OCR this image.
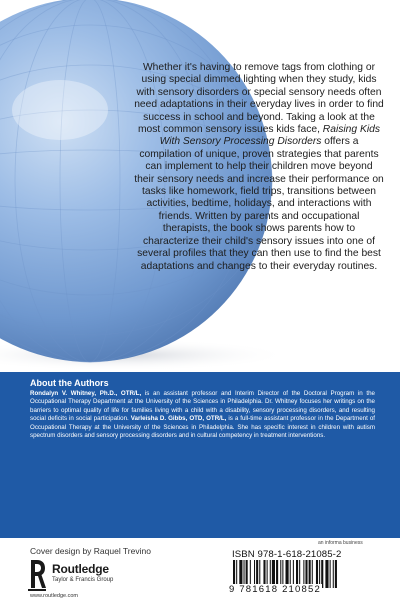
Whether it's having to remove tags from clothing or using special dimmed lighting when they study, kids with sensory disorders or special sensory needs often need adaptations in their everyday lives in order to find success in school and beyond. Taking a look at the most common sensory issues kids face, Raising Kids With Sensory Processing Disorders offers a compilation of unique, proven strategies that parents can implement to help their children move beyond their sensory needs and increase their performance on tasks like homework, field trips, transitions between activities, bedtime, holidays, and interactions with friends. Written by parents and occupational therapists, the book shows parents how to characterize their child's sensory issues into one of several profiles that they can then use to find the best adaptations and changes to their everyday routines.

About the Authors

Rondalyn V. Whitney, Ph.D., OTR/L, is an assistant professor and Interim Director of the Doctoral Program in the Occupational Therapy Department at the University of the Sciences in Philadelphia. Dr. Whitney focuses her writings on the barriers to optimal quality of life for families living with a child with a disability, sensory processing disorders, and resulting social deficits in social participation. Varleisha D. Gibbs, OTD, OTR/L, is a full-time assistant professor in the Department of Occupational Therapy at the University of the Sciences in Philadelphia. She has specific interest in children with autism spectrum disorders and sensory processing disorders and in cultural competency in treatment interventions.

Cover design by Raquel Trevino
Routledge
Taylor & Francis Group
www.routledge.com
an informa business
ISBN 978-1-618-21085-2
9 781618 210852
